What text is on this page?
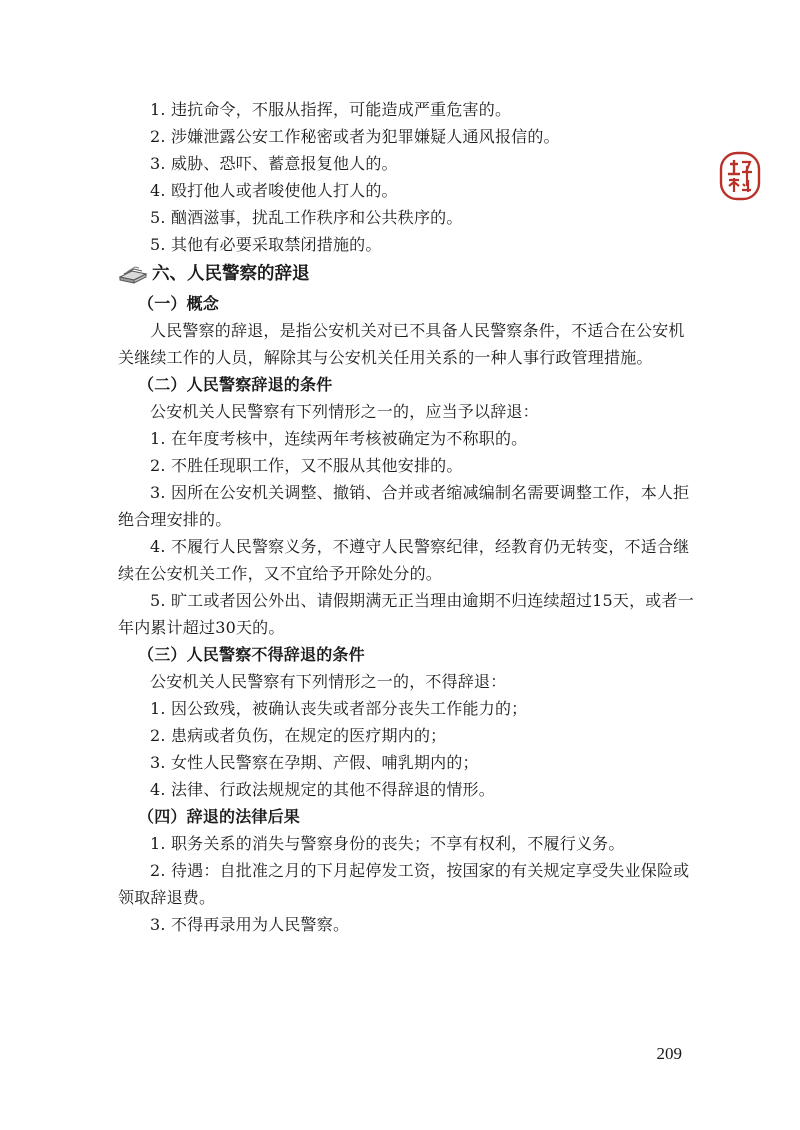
1. 违抗命令，不服从指挥，可能造成严重危害的。
2. 涉嫌泄露公安工作秘密或者为犯罪嫌疑人通风报信的。
3. 威胁、恐吓、蓄意报复他人的。
4. 殴打他人或者唆使他人打人的。
5. 酗酒滋事，扰乱工作秩序和公共秩序的。
5. 其他有必要采取禁闭措施的。
六、人民警察的辞退
（一）概念
人民警察的辞退，是指公安机关对已不具备人民警察条件，不适合在公安机
关继续工作的人员，解除其与公安机关任用关系的一种人事行政管理措施。
（二）人民警察辞退的条件
公安机关人民警察有下列情形之一的，应当予以辞退：
1. 在年度考核中，连续两年考核被确定为不称职的。
2. 不胜任现职工作，又不服从其他安排的。
3. 因所在公安机关调整、撤销、合并或者缩减编制名需要调整工作，本人拒
绝合理安排的。
4. 不履行人民警察义务，不遵守人民警察纪律，经教育仍无转变，不适合继
续在公安机关工作，又不宜给予开除处分的。
5. 旷工或者因公外出、请假期满无正当理由逾期不归连续超过15天，或者一
年内累计超过30天的。
（三）人民警察不得辞退的条件
公安机关人民警察有下列情形之一的，不得辞退：
1. 因公致残，被确认丧失或者部分丧失工作能力的；
2. 患病或者负伤，在规定的医疗期内的；
3. 女性人民警察在孕期、产假、哺乳期内的；
4. 法律、行政法规规定的其他不得辞退的情形。
（四）辞退的法律后果
1. 职务关系的消失与警察身份的丧失；不享有权利，不履行义务。
2. 待遇：自批准之月的下月起停发工资，按国家的有关规定享受失业保险或
领取辞退费。
3. 不得再录用为人民警察。
209
